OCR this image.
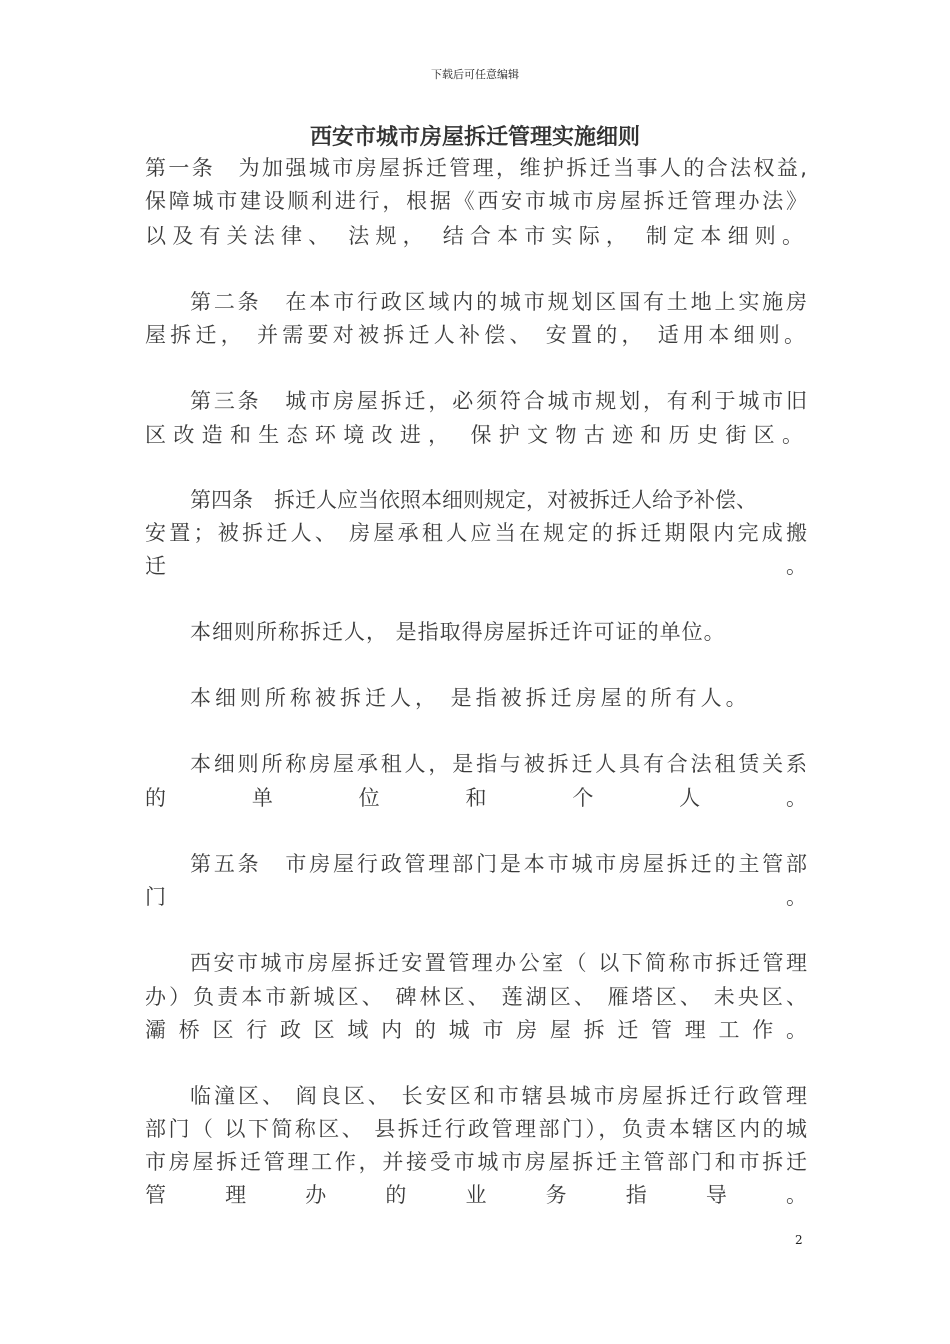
下载后可任意编辑
西安市城市房屋拆迁管理实施细则
第一条　为加强城市房屋拆迁管理，维护拆迁当事人的合法权益,
保障城市建设顺利进行，根据《西安市城市房屋拆迁管理办法》
以及有关法律、 法规， 结合本市实际， 制定本细则。
第二条　在本市行政区域内的城市规划区国有土地上实施房
屋拆迁， 并需要对被拆迁人补偿、 安置的， 适用本细则。
第三条　城市房屋拆迁，必须符合城市规划，有利于城市旧
区改造和生态环境改进， 保护文物古迹和历史街区。
第四条　拆迁人应当依照本细则规定，对被拆迁人给予补偿、
安置；被拆迁人、 房屋承租人应当在规定的拆迁期限内完成搬
迁 。
本细则所称拆迁人， 是指取得房屋拆迁许可证的单位。
本细则所称被拆迁人， 是指被拆迁房屋的所有人。
本细则所称房屋承租人，是指与被拆迁人具有合法租赁关系
的 单 位 和 个 人 。
第五条　市房屋行政管理部门是本市城市房屋拆迁的主管部
门 。
西安市城市房屋拆迁安置管理办公室（ 以下简称市拆迁管理
办）负责本市新城区、 碑林区、 莲湖区、 雁塔区、 未央区、
灞桥区行政区域内的城市房屋拆迁管理工作。
临潼区、 阎良区、 长安区和市辖县城市房屋拆迁行政管理
部门（ 以下简称区、 县拆迁行政管理部门），负责本辖区内的城
市房屋拆迁管理工作，并接受市城市房屋拆迁主管部门和市拆迁
管 理 办 的 业 务 指 导 。
2
